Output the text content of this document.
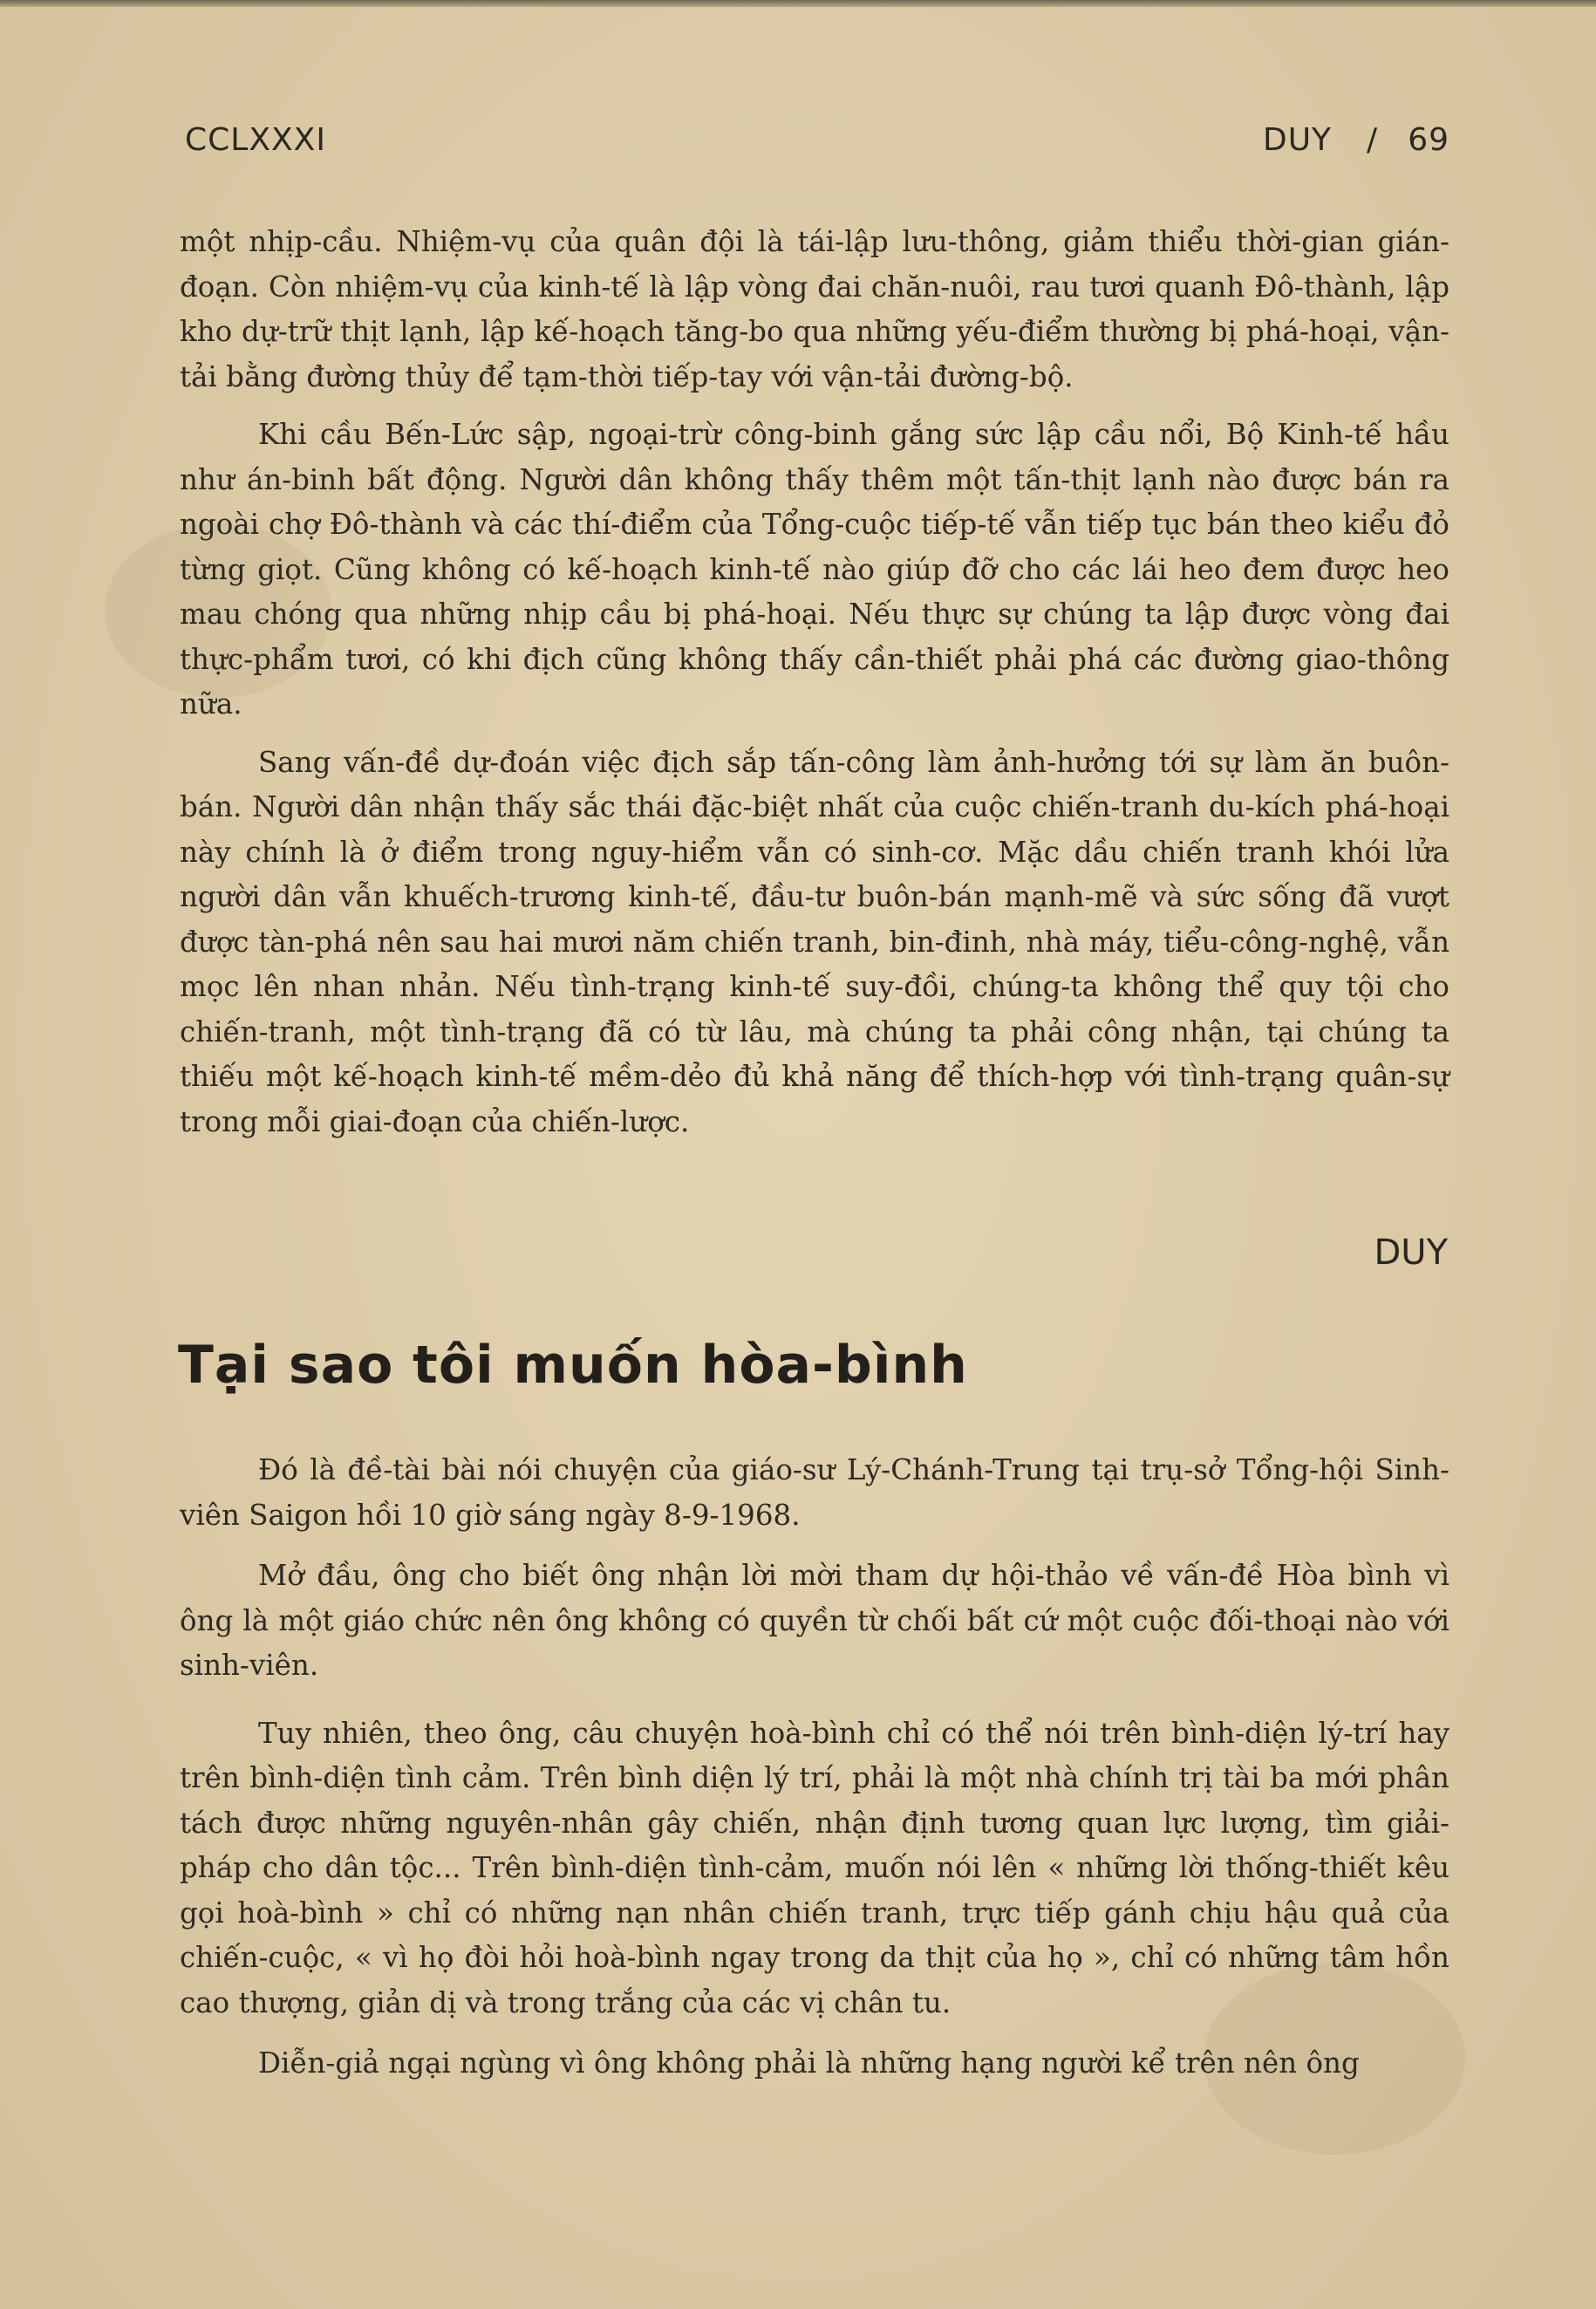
CCLXXXI	DUY / 69

một nhịp-cầu. Nhiệm-vụ của quân đội là tái-lập lưu-thông, giảm thiểu thời-gian gián-đoạn. Còn nhiệm-vụ của kinh-tế là lập vòng đai chăn-nuôi, rau tươi quanh Đô-thành, lập kho dự-trữ thịt lạnh, lập kế-hoạch tăng-bo qua những yếu-điểm thường bị phá-hoại, vận-tải bằng đường thủy để tạm-thời tiếp-tay với vận-tải đường-bộ.

Khi cầu Bến-Lức sập, ngoại-trừ công-binh gắng sức lập cầu nổi, Bộ Kinh-tế hầu như án-binh bất động. Người dân không thấy thêm một tấn-thịt lạnh nào được bán ra ngoài chợ Đô-thành và các thí-điểm của Tổng-cuộc tiếp-tế vẫn tiếp tục bán theo kiểu đỏ từng giọt. Cũng không có kế-hoạch kinh-tế nào giúp đỡ cho các lái heo đem được heo mau chóng qua những nhịp cầu bị phá-hoại. Nếu thực sự chúng ta lập được vòng đai thực-phẩm tươi, có khi địch cũng không thấy cần-thiết phải phá các đường giao-thông nữa.

Sang vấn-đề dự-đoán việc địch sắp tấn-công làm ảnh-hưởng tới sự làm ăn buôn-bán. Người dân nhận thấy sắc thái đặc-biệt nhất của cuộc chiến-tranh du-kích phá-hoại này chính là ở điểm trong nguy-hiểm vẫn có sinh-cơ. Mặc dầu chiến tranh khói lửa người dân vẫn khuếch-trương kinh-tế, đầu-tư buôn-bán mạnh-mẽ và sức sống đã vượt được tàn-phá nên sau hai mươi năm chiến tranh, bin-đinh, nhà máy, tiểu-công-nghệ, vẫn mọc lên nhan nhản. Nếu tình-trạng kinh-tế suy-đồi, chúng-ta không thể quy tội cho chiến-tranh, một tình-trạng đã có từ lâu, mà chúng ta phải công nhận, tại chúng ta thiếu một kế-hoạch kinh-tế mềm-dẻo đủ khả năng để thích-hợp với tình-trạng quân-sự trong mỗi giai-đoạn của chiến-lược.

DUY
Tại sao tôi muốn hòa-bình

Đó là đề-tài bài nói chuyện của giáo-sư Lý-Chánh-Trung tại trụ-sở Tổng-hội Sinh-viên Saigon hồi 10 giờ sáng ngày 8-9-1968.

Mở đầu, ông cho biết ông nhận lời mời tham dự hội-thảo về vấn-đề Hòa bình vì ông là một giáo chức nên ông không có quyền từ chối bất cứ một cuộc đối-thoại nào với sinh-viên.

Tuy nhiên, theo ông, câu chuyện hoà-bình chỉ có thể nói trên bình-diện lý-trí hay trên bình-diện tình cảm. Trên bình diện lý trí, phải là một nhà chính trị tài ba mới phân tách được những nguyên-nhân gây chiến, nhận định tương quan lực lượng, tìm giải-pháp cho dân tộc... Trên bình-diện tình-cảm, muốn nói lên « những lời thống-thiết kêu gọi hoà-bình » chỉ có những nạn nhân chiến tranh, trực tiếp gánh chịu hậu quả của chiến-cuộc, « vì họ đòi hỏi hoà-bình ngay trong da thịt của họ », chỉ có những tâm hồn cao thượng, giản dị và trong trắng của các vị chân tu.

Diễn-giả ngại ngùng vì ông không phải là những hạng người kể trên nên ông
